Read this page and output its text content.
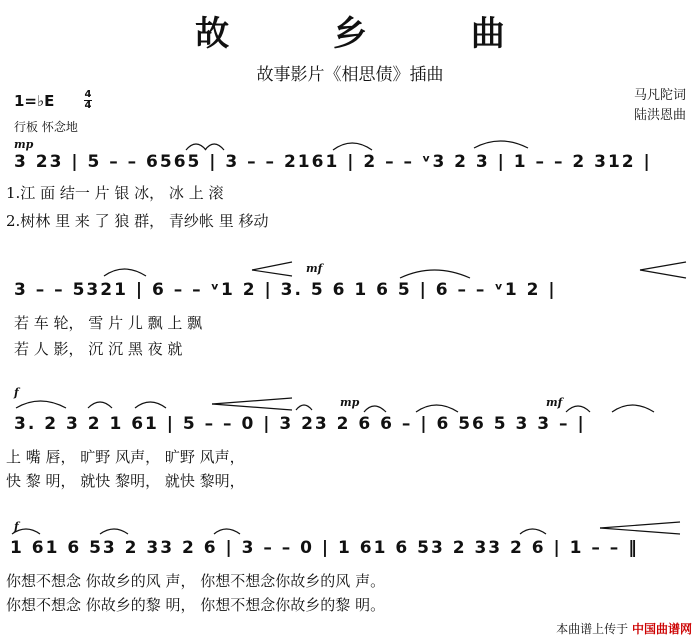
故 乡 曲
故事影片《相思债》插曲
马凡陀词
陆洪恩曲
1=♭E	4
4
行板 怀念地
mp
3 23 | 5 – – 6565 | 3 – – 2161 | 2 – – ᵛ3 2 3 | 1 – – 2 312 |
1.江 面 结一 片 银 冰， 冰 上 滚
2.树林 里 来 了 狼 群， 青纱帐 里 移动
mf
3 – – 5321 | 6 – – ᵛ1 2 | 3. 5 6 1 6 5 | 6 – – ᵛ1 2 |
若 车 轮， 雪 片 儿 飘 上 飘
若 人 影， 沉 沉 黑 夜 就
f
mp	mf
3. 2 3 2 1 61 | 5 – – 0 | 3 23 2 6 6 – | 6 56 5 3 3 – |
上 嘴 唇， 旷野 风声， 旷野 风声，
快 黎 明， 就快 黎明， 就快 黎明，
f
1 61 6 53 2 33 2 6 | 3 – – 0 | 1 61 6 53 2 33 2 6 | 1 – – ‖
你想不想念 你故乡的风 声， 你想不想念你故乡的风 声。
你想不想念 你故乡的黎 明， 你想不想念你故乡的黎 明。
本曲谱上传于 中国曲谱网
